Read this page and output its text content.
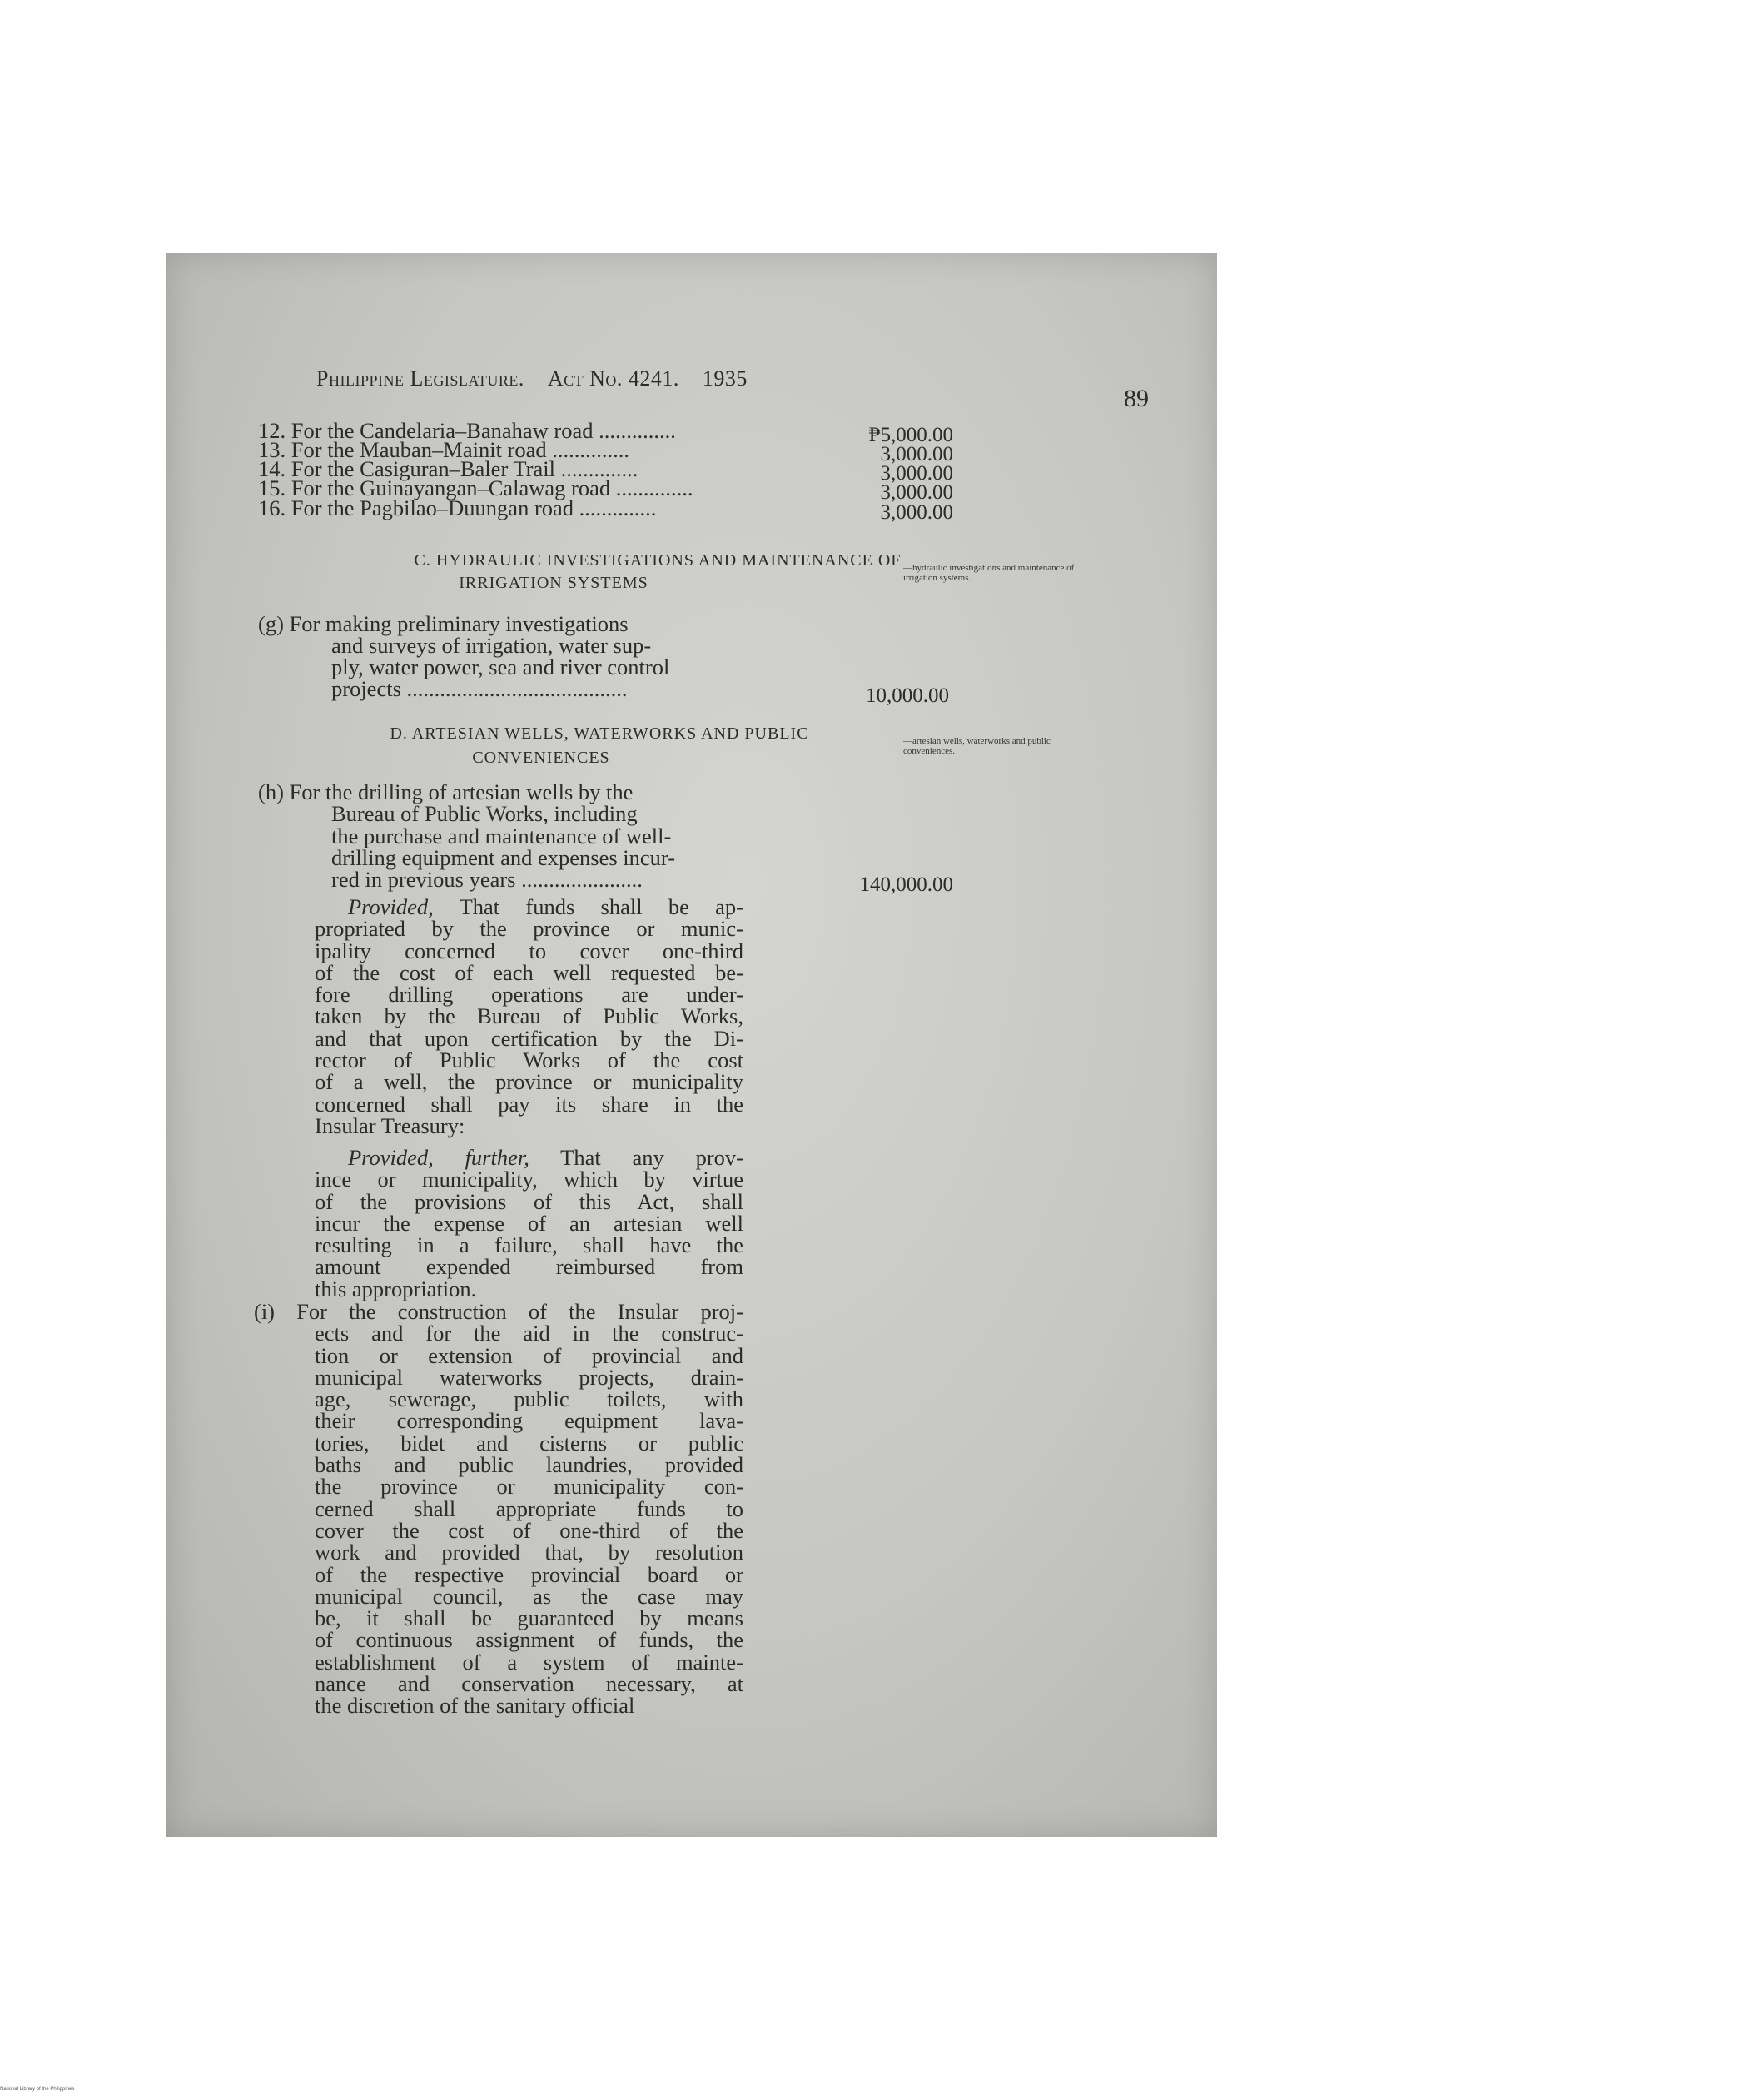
Philippine Legislature. Act No. 4241. 1935
89
12. For the Candelaria–Banahaw road ..............	₱5,000.00
13. For the Mauban–Mainit road ..............	3,000.00
14. For the Casiguran–Baler Trail ..............	3,000.00
15. For the Guinayangan–Calawag road ..............	3,000.00
16. For the Pagbilao–Duungan road ..............	3,000.00
C. HYDRAULIC INVESTIGATIONS AND MAINTENANCE OF
IRRIGATION SYSTEMS
—hydraulic investigations and maintenance of irrigation systems.
(g) For making preliminary investigations
and surveys of irrigation, water sup-
ply, water power, sea and river control
projects ........................................	10,000.00
D. ARTESIAN WELLS, WATERWORKS AND PUBLIC
CONVENIENCES
—artesian wells, waterworks and public conveniences.
(h) For the drilling of artesian wells by the
Bureau of Public Works, including
the purchase and maintenance of well-
drilling equipment and expenses incur-
red in previous years ......................	140,000.00
Provided, That funds shall be ap-
propriated by the province or munic-
ipality concerned to cover one-third
of the cost of each well requested be-
fore drilling operations are under-
taken by the Bureau of Public Works,
and that upon certification by the Di-
rector of Public Works of the cost
of a well, the province or municipality
concerned shall pay its share in the
Insular Treasury:
Provided, further, That any prov-
ince or municipality, which by virtue
of the provisions of this Act, shall
incur the expense of an artesian well
resulting in a failure, shall have the
amount expended reimbursed from
this appropriation.
(i) For the construction of the Insular proj-
ects and for the aid in the construc-
tion or extension of provincial and
municipal waterworks projects, drain-
age, sewerage, public toilets, with
their corresponding equipment lava-
tories, bidet and cisterns or public
baths and public laundries, provided
the province or municipality con-
cerned shall appropriate funds to
cover the cost of one-third of the
work and provided that, by resolution
of the respective provincial board or
municipal council, as the case may
be, it shall be guaranteed by means
of continuous assignment of funds, the
establishment of a system of mainte-
nance and conservation necessary, at
the discretion of the sanitary official
National Library of the Philippines
